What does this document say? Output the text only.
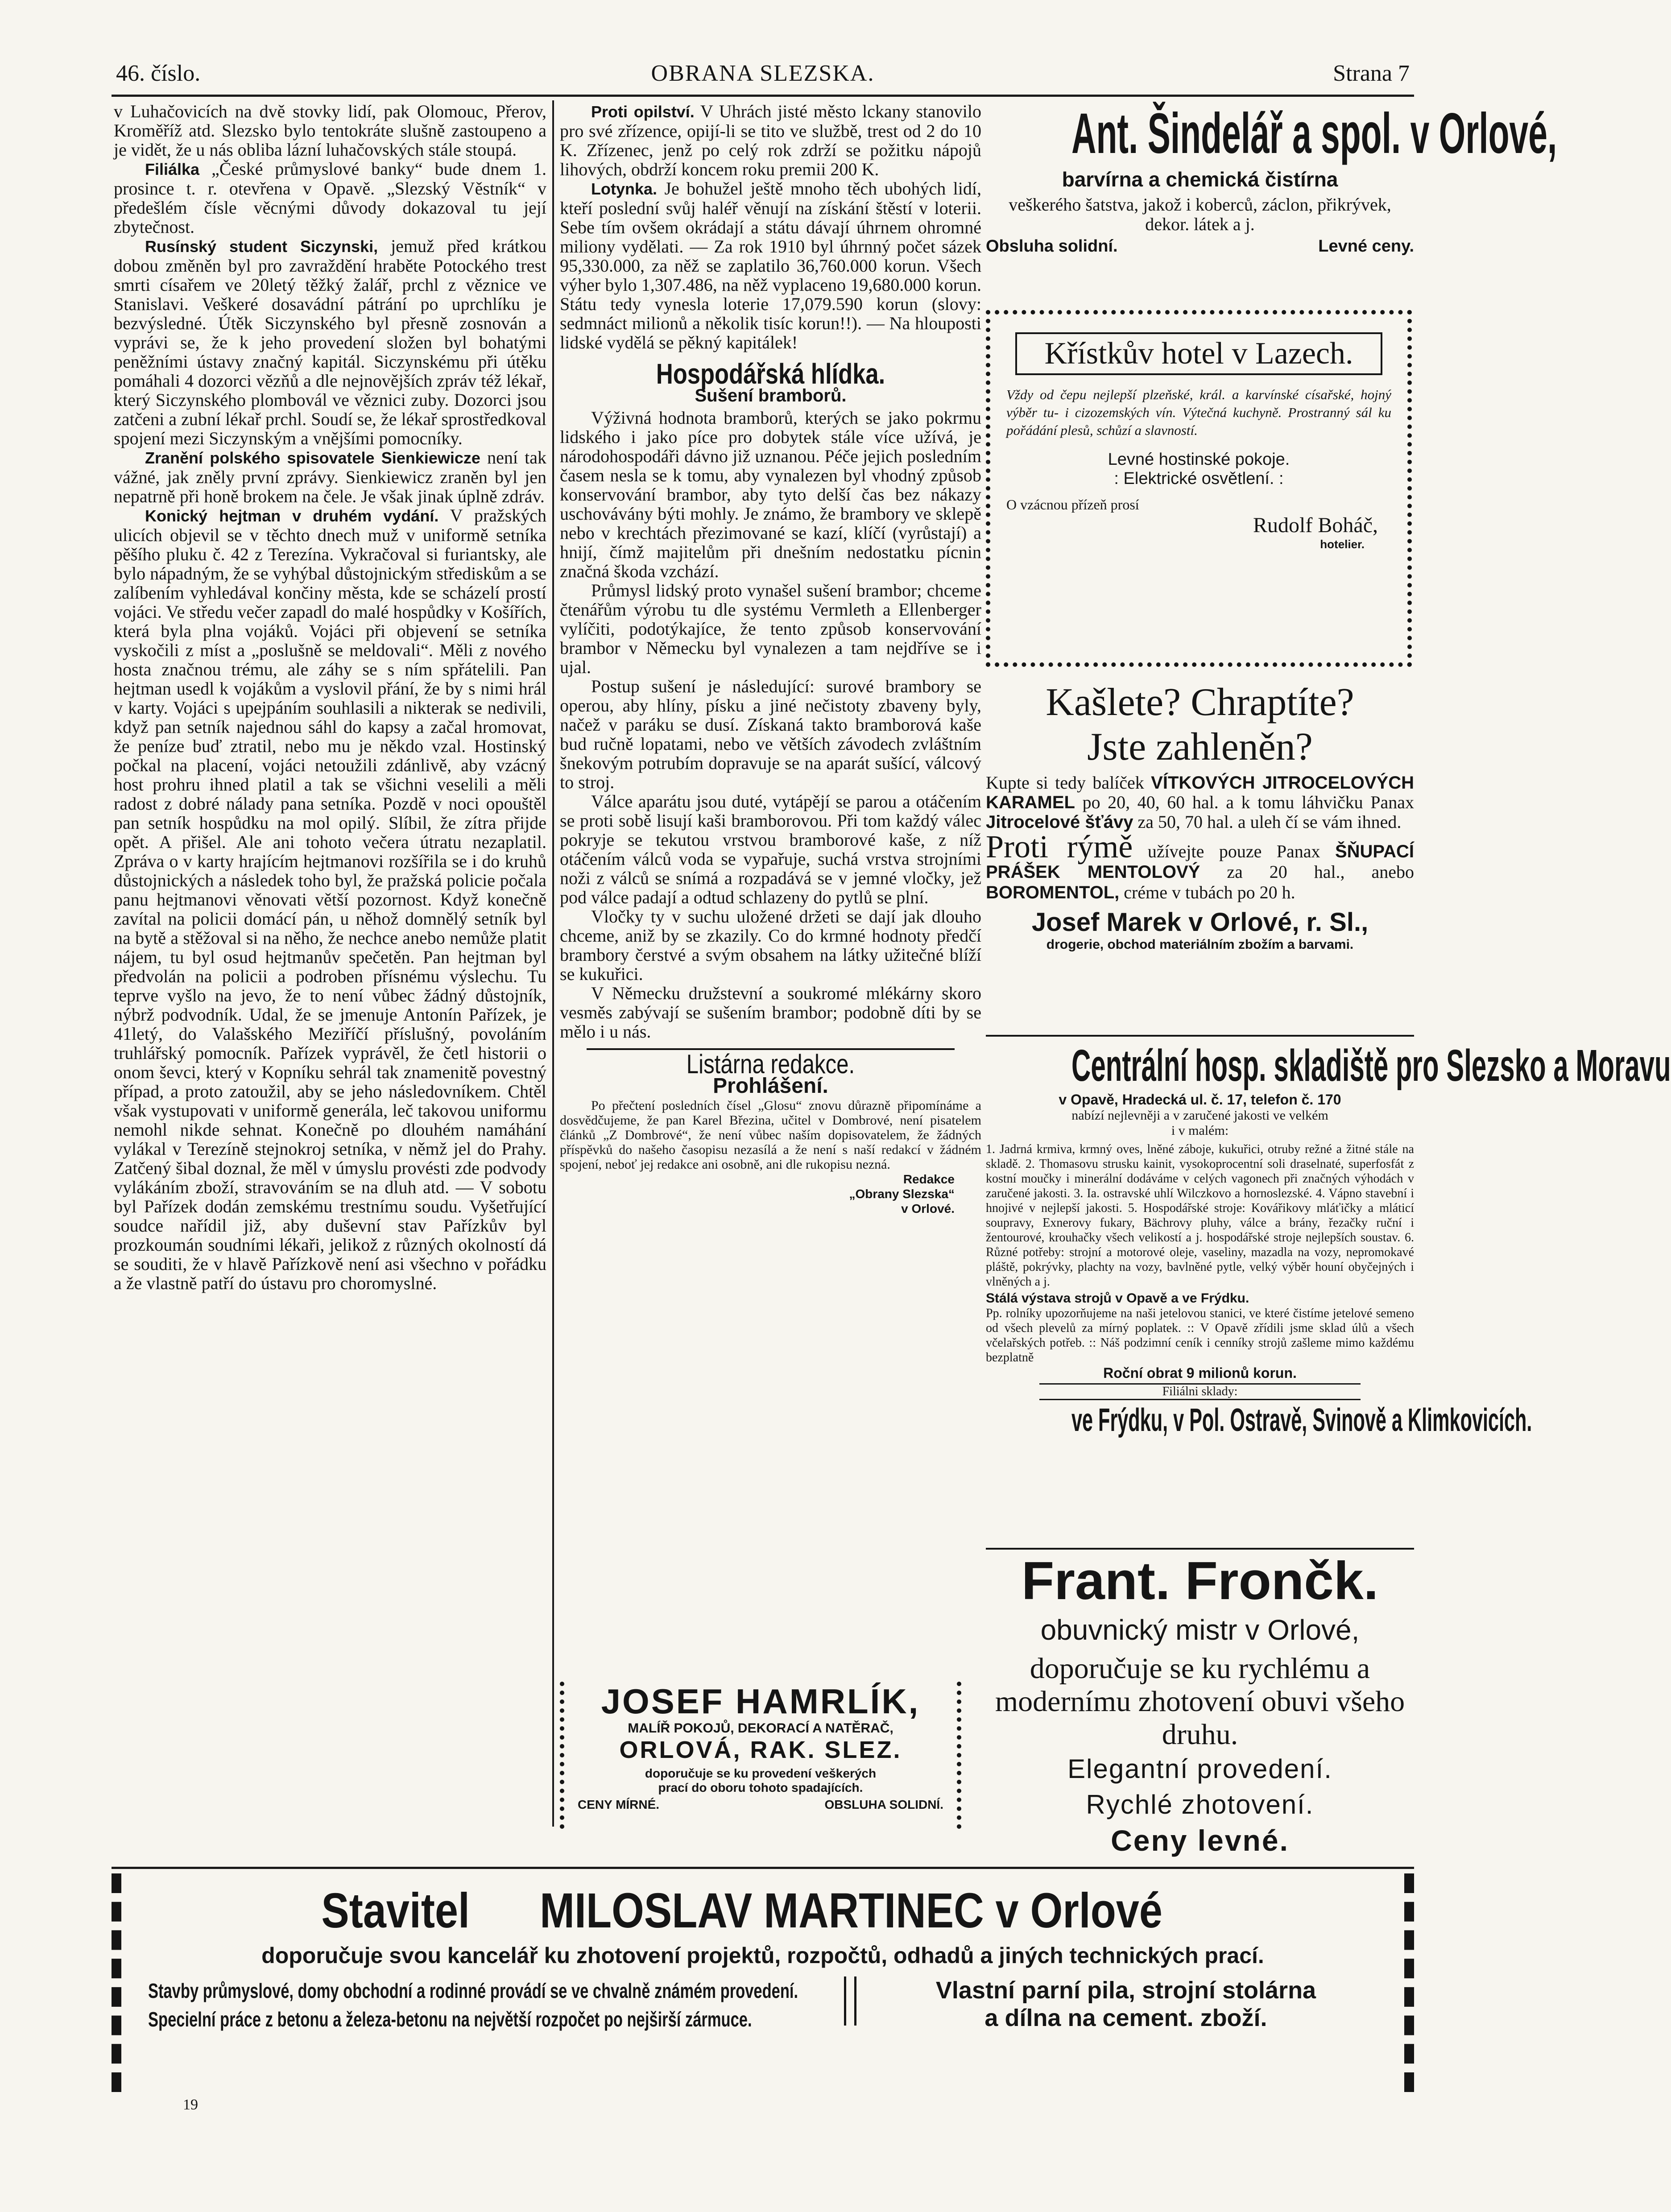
46. číslo.	OBRANA SLEZSKA.	Strana 7

v Luhačovicích na dvě stovky lidí, pak Olomouc, Přerov, Kroměříž atd. Slezsko bylo tentokráte slušně zastoupeno a je vidět, že u nás obliba lázní luhačovských stále stoupá.

Filiálka „České průmyslové banky“ bude dnem 1. prosince t. r. otevřena v Opavě. „Slezský Věstník“ v předešlém čísle věcnými důvody dokazoval tu její zbytečnost.

Rusínský student Siczynski, jemuž před krátkou dobou změněn byl pro zavraždění hraběte Potockého trest smrti císařem ve 20letý těžký žalář, prchl z věznice ve Stanislavi. Veškeré dosavádní pátrání po uprchlíku je bezvýsledné. Útěk Siczynského byl přesně zosnován a vyprávi se, že k jeho provedení složen byl bohatými peněžními ústavy značný kapitál. Siczynskému při útěku pomáhali 4 dozorci vězňů a dle nejnovějších zpráv též lékař, který Siczynského plombovál ve věznici zuby. Dozorci jsou zatčeni a zubní lékař prchl. Soudí se, že lékař sprostředkoval spojení mezi Siczynským a vnějšími pomocníky.

Zranění polského spisovatele Sienkiewicze není tak vážné, jak zněly první zprávy. Sienkiewicz zraněn byl jen nepatrně při honě brokem na čele. Je však jinak úplně zdráv.

Konický hejtman v druhém vydání. V pražských ulicích objevil se v těchto dnech muž v uniformě setníka pěšího pluku č. 42 z Terezína. Vykračoval si furiantsky, ale bylo nápadným, že se vyhýbal důstojnickým střediskům a se zalíbením vyhledával končiny města, kde se scházelí prostí vojáci. Ve středu večer zapadl do malé hospůdky v Košířích, která byla plna vojáků. Vojáci při objevení se setníka vyskočili z míst a „poslušně se meldovali“. Měli z nového hosta značnou trému, ale záhy se s ním spřátelili. Pan hejtman usedl k vojákům a vyslovil přání, že by s nimi hrál v karty. Vojáci s upejpáním souhlasili a nikterak se nedivili, když pan setník najednou sáhl do kapsy a začal hromovat, že peníze buď ztratil, nebo mu je někdo vzal. Hostinský počkal na placení, vojáci netoužili zdánlivě, aby vzácný host prohru ihned platil a tak se všichni veselili a měli radost z dobré nálady pana setníka. Pozdě v noci opouštěl pan setník hospůdku na mol opilý. Slíbil, že zítra přijde opět. A přišel. Ale ani tohoto večera útratu nezaplatil. Zpráva o v karty hrajícím hejtmanovi rozšířila se i do kruhů důstojnických a následek toho byl, že pražská policie počala panu hejtmanovi věnovati větší pozornost. Když konečně zavítal na policii domácí pán, u něhož domnělý setník byl na bytě a stěžoval si na něho, že nechce anebo nemůže platit nájem, tu byl osud hejtmanův spečetěn. Pan hejtman byl předvolán na policii a podroben přísnému výslechu. Tu teprve vyšlo na jevo, že to není vůbec žádný důstojník, nýbrž podvodník. Udal, že se jmenuje Antonín Pařízek, je 41letý, do Valašského Meziříčí příslušný, povoláním truhlářský pomocník. Pařízek vyprávěl, že četl historii o onom ševci, který v Kopníku sehrál tak znamenitě povestný případ, a proto zatoužil, aby se jeho následovníkem. Chtěl však vystupovati v uniformě generála, leč takovou uniformu nemohl nikde sehnat. Konečně po dlouhém namáhání vylákal v Terezíně stejnokroj setníka, v němž jel do Prahy. Zatčený šibal doznal, že měl v úmyslu provésti zde podvody vylákáním zboží, stravováním se na dluh atd. — V sobotu byl Pařízek dodán zemskému trestnímu soudu. Vyšetřující soudce nařídil již, aby duševní stav Pařízkův byl prozkoumán soudními lékaři, jelikož z různých okolností dá se souditi, že v hlavě Pařízkově není asi všechno v pořádku a že vlastně patří do ústavu pro choromyslné.

Proti opilství. V Uhrách jisté město lckany stanovilo pro své zřízence, opijí-li se tito ve službě, trest od 2 do 10 K. Zřízenec, jenž po celý rok zdrží se požitku nápojů lihových, obdrží koncem roku premii 200 K.

Lotynka. Je bohužel ještě mnoho těch ubohých lidí, kteří poslední svůj haléř věnují na získání štěstí v loterii. Sebe tím ovšem okrádají a státu dávají úhrnem ohromné miliony vydělati. — Za rok 1910 byl úhrnný počet sázek 95,330.000, za něž se zaplatilo 36,760.000 korun. Všech výher bylo 1,307.486, na něž vyplaceno 19,680.000 korun. Státu tedy vynesla loterie 17,079.590 korun (slovy: sedmnáct milionů a několik tisíc korun!!). — Na hlouposti lidské vydělá se pěkný kapitálek!

Hospodářská hlídka.
Sušení bramborů.

Výživná hodnota bramborů, kterých se jako pokrmu lidského i jako píce pro dobytek stále více užívá, je národohospodáři dávno již uznanou. Péče jejich posledním časem nesla se k tomu, aby vynalezen byl vhodný způsob konservování brambor, aby tyto delší čas bez nákazy uschovávány býti mohly. Je známo, že brambory ve sklepě nebo v krechtách přezimované se kazí, klíčí (vyrůstají) a hnijí, čímž majitelům při dnešním nedostatku pícnin značná škoda vzchází.

Průmysl lidský proto vynašel sušení brambor; chceme čtenářům výrobu tu dle systému Vermleth a Ellenberger vylíčiti, podotýkajíce, že tento způsob konservování brambor v Německu byl vynalezen a tam nejdříve se i ujal.

Postup sušení je následující: surové brambory se operou, aby hlíny, písku a jiné nečistoty zbaveny byly, načež v paráku se dusí. Získaná takto bramborová kaše bud ručně lopatami, nebo ve větších závodech zvláštním šnekovým potrubím dopravuje se na aparát sušící, válcový to stroj.

Válce aparátu jsou duté, vytápějí se parou a otáčením se proti sobě lisují kaši bramborovou. Při tom každý válec pokryje se tekutou vrstvou bramborové kaše, z níž otáčením válců voda se vypařuje, suchá vrstva strojními noži z válců se snímá a rozpadává se v jemné vločky, jež pod válce padají a odtud schlazeny do pytlů se plní.

Vločky ty v suchu uložené držeti se dají jak dlouho chceme, aniž by se zkazily. Co do krmné hodnoty předčí brambory čerstvé a svým obsahem na látky užitečné blíží se kukuřici.

V Německu družstevní a soukromé mlékárny skoro vesměs zabývají se sušením brambor; podobně díti by se mělo i u nás.

Listárna redakce.
Prohlášení.

Po přečtení posledních čísel „Glosu“ znovu důrazně připomínáme a dosvědčujeme, že pan Karel Březina, učitel v Dombrové, není pisatelem článků „Z Dombrové“, že není vůbec naším dopisovatelem, že žádných příspěvků do našeho časopisu nezasílá a že není s naší redakcí v žádném spojení, neboť jej redakce ani osobně, ani dle rukopisu nezná.

Redakce
„Obrany Slezska“
v Orlové.
JOSEF HAMRLÍK,
MALÍŘ POKOJŮ, DEKORACÍ A NATĚRAČ,
ORLOVÁ, RAK. SLEZ.
doporučuje se ku provedení veškerých
prací do oboru tohoto spadajících.
CENY MÍRNÉ.	OBSLUHA SOLIDNÍ.
Ant. Šindelář a spol. v Orlové,
barvírna a chemická čistírna
veškerého šatstva, jakož i koberců, záclon, přikrývek, dekor. látek a j.
Obsluha solidní.	Levné ceny.
Křístkův hotel v Lazech.
Vždy od čepu nejlepší plzeňské, král. a karvínské císařské, hojný výběr tu- i cizozemských vín. Výtečná kuchyně. Prostranný sál ku pořádání plesů, schůzí a slavností.
Levné hostinské pokoje.
: Elektrické osvětlení. :
O vzácnou přízeň prosí
Rudolf Boháč,
hotelier.
Kašlete? Chraptíte?
Jste zahleněn?
Kupte si tedy balíček VÍTKOVÝCH JITROCELOVÝCH KARAMEL po 20, 40, 60 hal. a k tomu láhvičku Panax Jitrocelové šťávy za 50, 70 hal. a uleh čí se vám ihned.
Proti rýmě užívejte pouze Panax ŠŇUPACÍ PRÁŠEK MENTOLOVÝ za 20 hal., anebo BOROMENTOL, créme v tubách po 20 h.
Josef Marek v Orlové, r. Sl.,
drogerie, obchod materiálním zbožím a barvami.
Centrální hosp. skladiště pro Slezsko a Moravu
v Opavě, Hradecká ul. č. 17, telefon č. 170
nabízí nejlevněji a v zaručené jakosti ve velkém i v malém:
1. Jadrná krmiva, krmný oves, lněné záboje, kukuřici, otruby režné a žitné stále na skladě. 2. Thomasovu strusku kainit, vysokoprocentní soli draselnaté, superfosfát z kostní moučky i minerální dodáváme v celých vagonech při značných výhodách v zaručené jakosti. 3. Ia. ostravské uhlí Wilczkovo a hornoslezské. 4. Vápno stavební i hnojivé v nejlepší jakosti. 5. Hospodářské stroje: Kovářikovy mláťičky a mláticí soupravy, Exnerovy fukary, Bächrovy pluhy, válce a brány, řezačky ruční i žentourové, krouhačky všech velikostí a j. hospodářské stroje nejlepších soustav. 6. Různé potřeby: strojní a motorové oleje, vaseliny, mazadla na vozy, nepromokavé pláště, pokrývky, plachty na vozy, bavlněné pytle, velký výběr houní obyčejných i vlněných a j.
Stálá výstava strojů v Opavě a ve Frýdku.
Pp. rolníky upozorňujeme na naši jetelovou stanici, ve které čistíme jetelové semeno od všech plevelů za mírný poplatek. :: V Opavě zřídili jsme sklad úlů a všech včelařských potřeb. :: Náš podzimní ceník i cenníky strojů zašleme mimo každému bezplatně
Roční obrat 9 milionů korun.
Filiálni sklady:
ve Frýdku, v Pol. Ostravě, Svinově a Klimkovicích.
Frant. Frončk.
obuvnický mistr v Orlové,
doporučuje se ku rychlému a modernímu zhotovení obuvi všeho druhu.
Elegantní provedení.
Rychlé zhotovení.
Ceny levné.
Stavitel MILOSLAV MARTINEC v Orlové
doporučuje svou kancelář ku zhotovení projektů, rozpočtů, odhadů a jiných technických prací.
Stavby průmyslové, domy obchodní a rodinné provádí se ve chvalně známém provedení.
Specielní práce z betonu a železa-betonu na největší rozpočet po nejširší zármuce.
Vlastní parní pila, strojní stolárna
a dílna na cement. zboží.
19
